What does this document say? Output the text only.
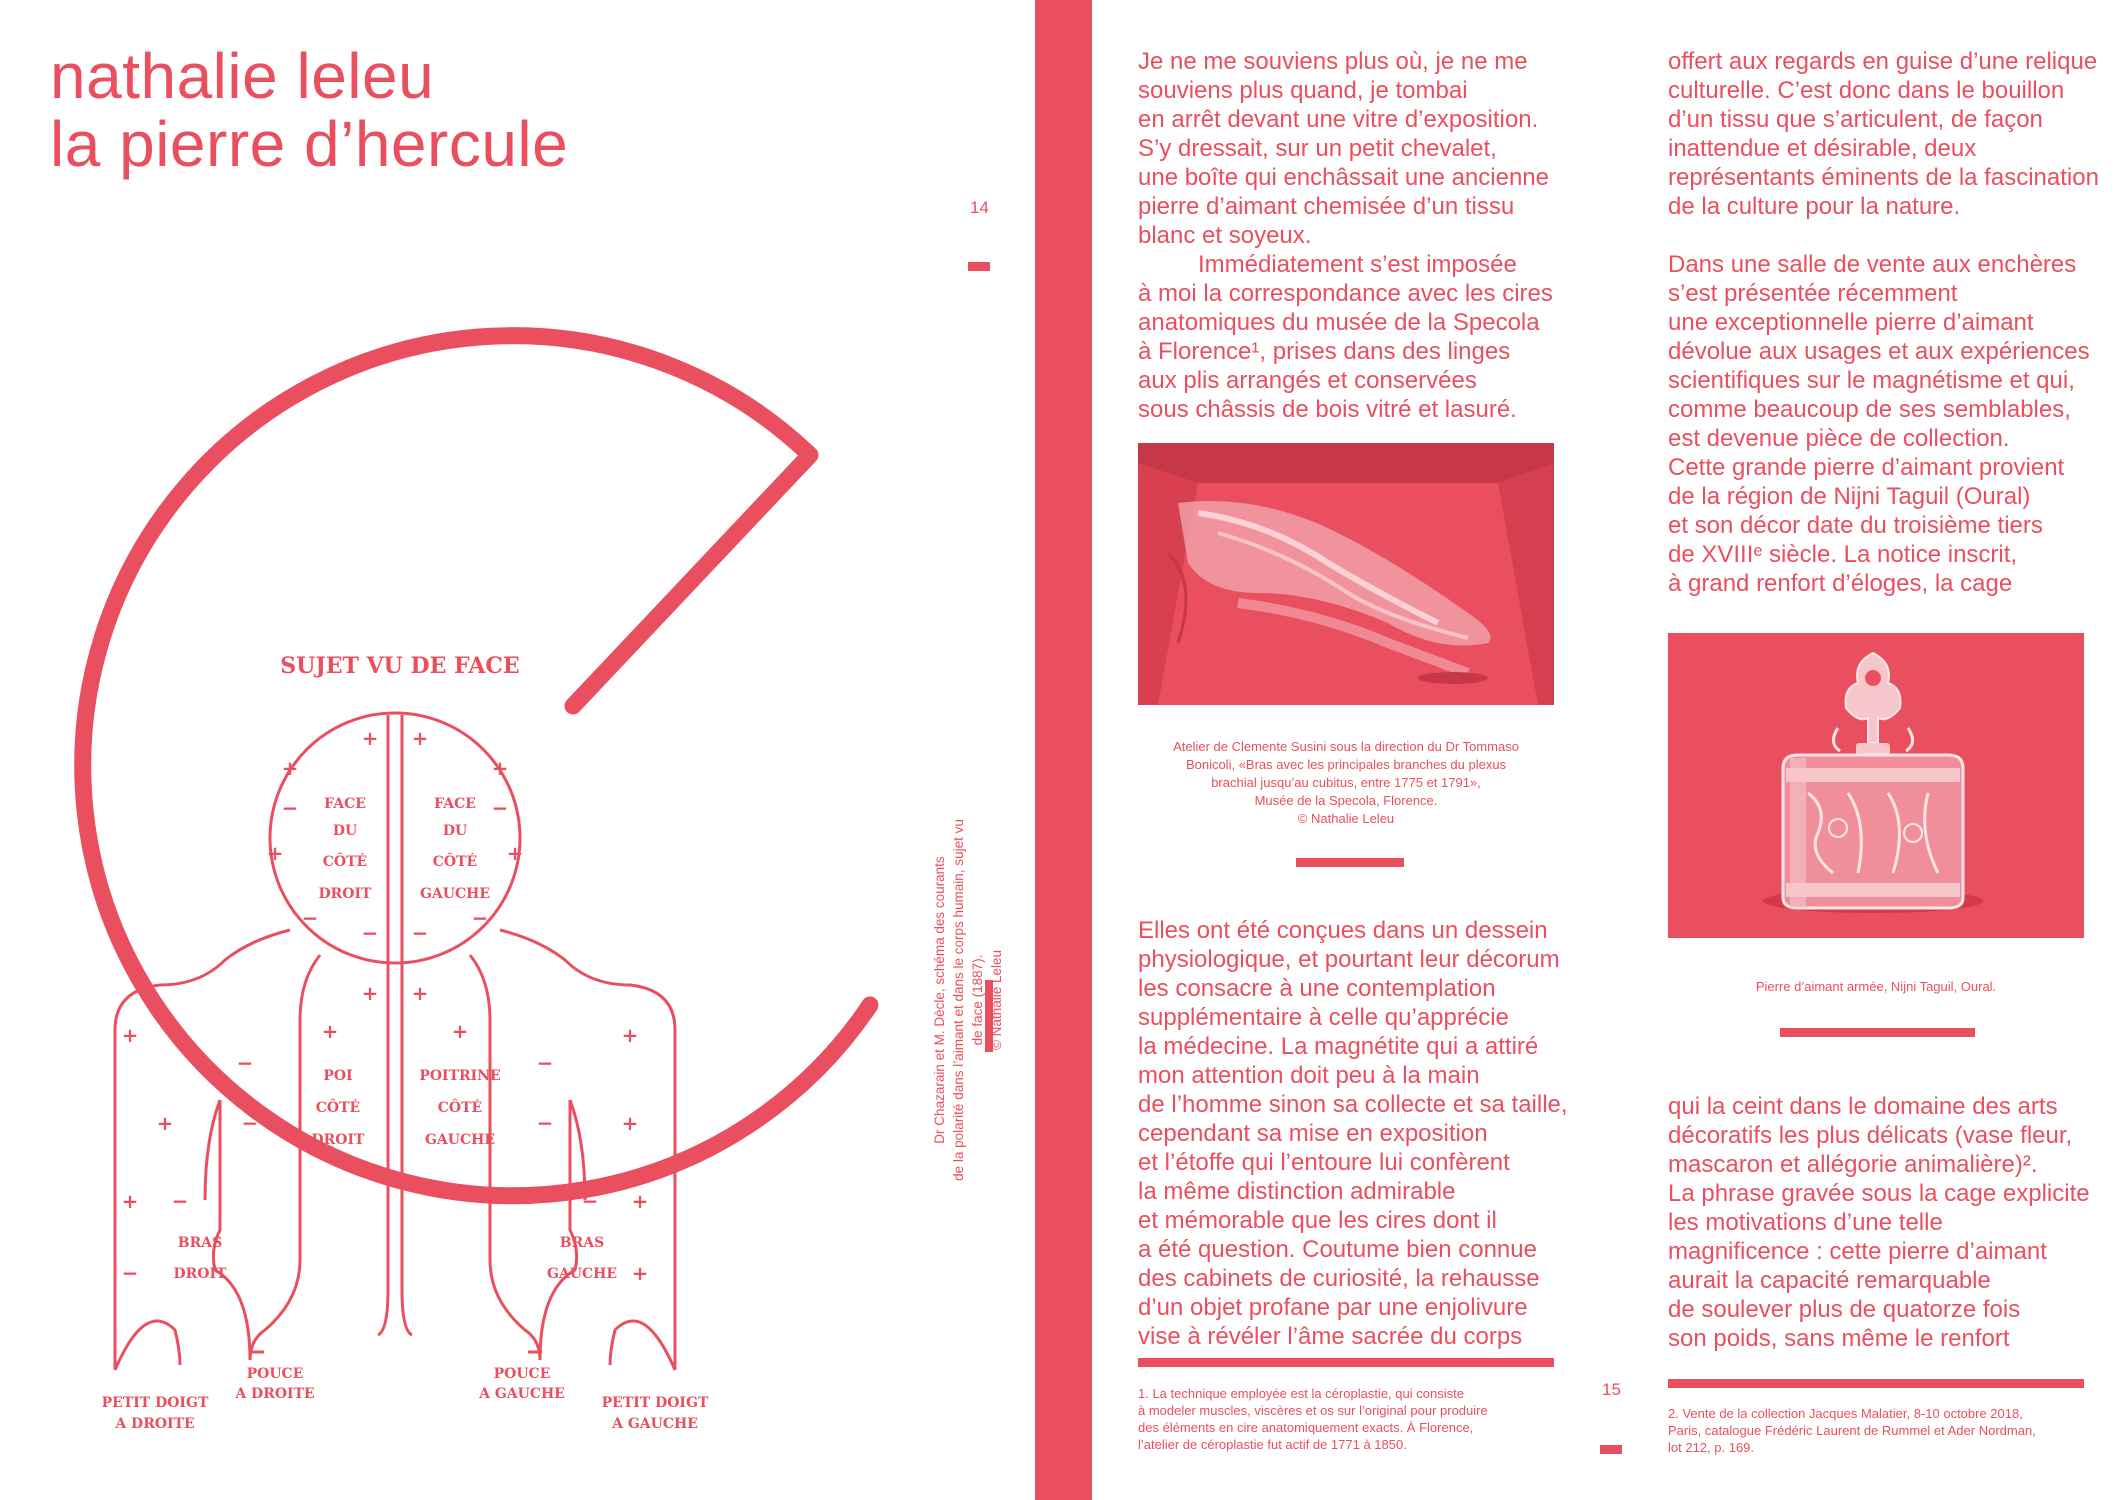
nathalie leleu
la pierre d’hercule
14
Dr Chazarain et M. Dècle, schéma des courants
de la polarité dans l’aimant et dans le corps humain, sujet vu de face (1887).
© Nathalie Leleu
SUJET VU DE FACE
FACE
DU
CÔTÉ
DROIT
FACE
DU
CÔTÉ
GAUCHE
POI
CÔTÉ
DROIT
POITRINE
CÔTÉ
GAUCHE
BRAS
DROIT
BRAS
GAUCHE
POUCE
A DROITE
POUCE
A GAUCHE
PETIT DOIGT
A DROITE
PETIT DOIGT
A GAUCHE
+ +
+	+
−	−
+	+
−	−
− −
+ +
+	+
+	+
−	−
+	+
−	−
+	+
−	−
−	+

Je ne me souviens plus où, je ne me
souviens plus quand, je tombai
en arrêt devant une vitre d’exposition.
S’y dressait, sur un petit chevalet,
une boîte qui enchâssait une ancienne
pierre d’aimant chemisée d’un tissu
blanc et soyeux.

Immédiatement s’est imposée

à moi la correspondance avec les cires
anatomiques du musée de la Specola
à Florence¹, prises dans des linges
aux plis arrangés et conservées
sous châssis de bois vitré et lasuré.

Atelier de Clemente Susini sous la direction du Dr Tommaso
Bonicoli, «Bras avec les principales branches du plexus
brachial jusqu’au cubitus, entre 1775 et 1791»,
Musée de la Specola, Florence.
© Nathalie Leleu

Elles ont été conçues dans un dessein
physiologique, et pourtant leur décorum
les consacre à une contemplation
supplémentaire à celle qu’apprécie
la médecine. La magnétite qui a attiré
mon attention doit peu à la main
de l’homme sinon sa collecte et sa taille,
cependant sa mise en exposition
et l’étoffe qui l’entoure lui confèrent
la même distinction admirable
et mémorable que les cires dont il
a été question. Coutume bien connue
des cabinets de curiosité, la rehausse
d’un objet profane par une enjolivure
vise à révéler l’âme sacrée du corps

1. La technique employée est la céroplastie, qui consiste
à modeler muscles, viscères et os sur l’original pour produire
des éléments en cire anatomiquement exacts. À Florence,
l’atelier de céroplastie fut actif de 1771 à 1850.
15

offert aux regards en guise d’une relique
culturelle. C’est donc dans le bouillon
d’un tissu que s’articulent, de façon
inattendue et désirable, deux
représentants éminents de la fascination
de la culture pour la nature.

Dans une salle de vente aux enchères
s’est présentée récemment
une exceptionnelle pierre d’aimant
dévolue aux usages et aux expériences
scientifiques sur le magnétisme et qui,
comme beaucoup de ses semblables,
est devenue pièce de collection.
Cette grande pierre d’aimant provient
de la région de Nijni Taguil (Oural)
et son décor date du troisième tiers
de XVIIIᵉ siècle. La notice inscrit,
à grand renfort d’éloges, la cage

Pierre d’aimant armée, Nijni Taguil, Oural.

qui la ceint dans le domaine des arts
décoratifs les plus délicats (vase fleur,
mascaron et allégorie animalière)².
La phrase gravée sous la cage explicite
les motivations d’une telle
magnificence : cette pierre d’aimant
aurait la capacité remarquable
de soulever plus de quatorze fois
son poids, sans même le renfort

2. Vente de la collection Jacques Malatier, 8-10 octobre 2018,
Paris, catalogue Frédéric Laurent de Rummel et Ader Nordman,
lot 212, p. 169.
